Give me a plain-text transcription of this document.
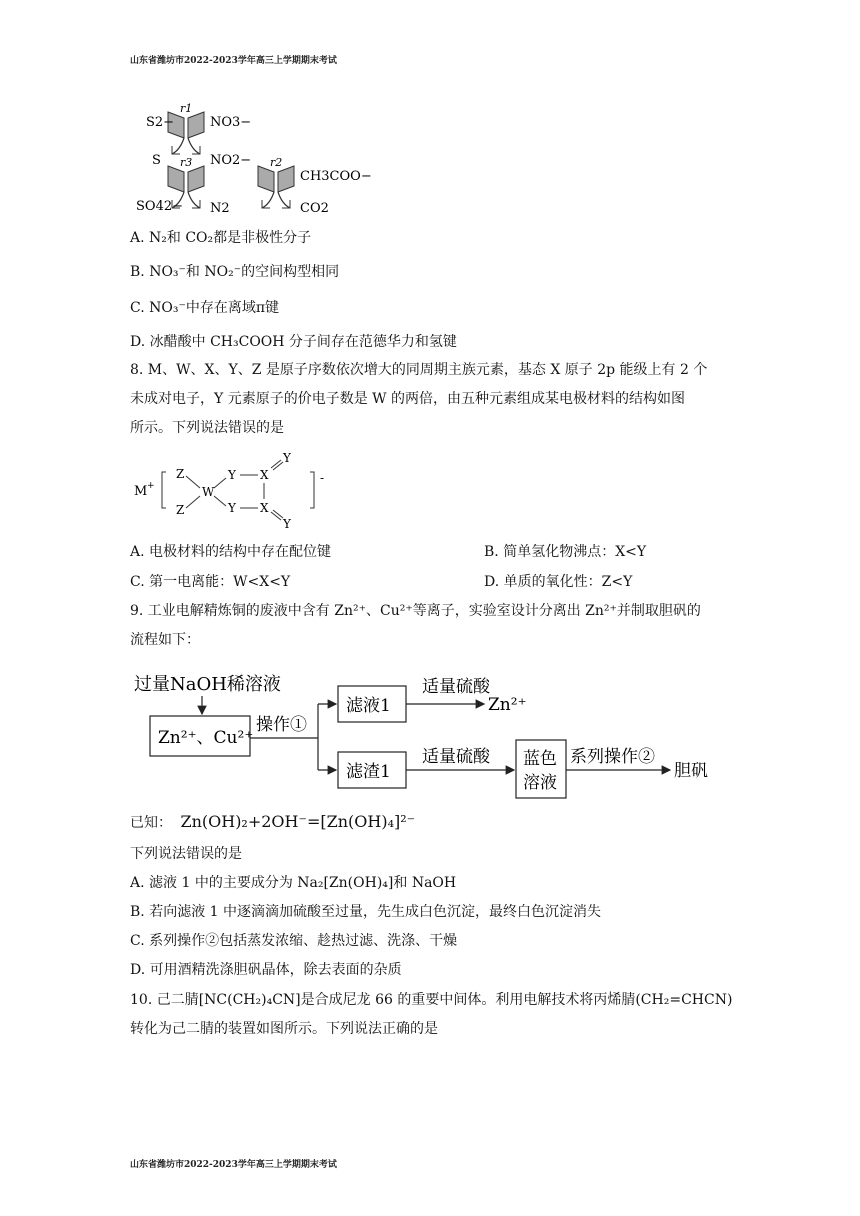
山东省潍坊市2022-2023学年高三上学期期末考试
r1
r3	r2
S2−	NO3−
S	NO2−
SO42− N2
CH3COO−
CO2
A. N₂和 CO₂都是非极性分子
B. NO₃⁻和 NO₂⁻的空间构型相同
C. NO₃⁻中存在离域π键
D. 冰醋酸中 CH₃COOH 分子间存在范德华力和氢键
8. M、W、X、Y、Z 是原子序数依次增大的同周期主族元素，基态 X 原子 2p 能级上有 2 个
未成对电子，Y 元素原子的价电子数是 W 的两倍，由五种元素组成某电极材料的结构如图
所示。下列说法错误的是
M +
-
Z
Z
W
Y
Y
X
X
Y
Y
A. 电极材料的结构中存在配位键	B. 简单氢化物沸点：X<Y
C. 第一电离能：W<X<Y	D. 单质的氧化性：Z<Y
9. 工业电解精炼铜的废液中含有 Zn²⁺、Cu²⁺等离子，实验室设计分离出 Zn²⁺并制取胆矾的
流程如下：
过量NaOH稀溶液
Zn²⁺、Cu²⁺
操作①
滤液1
适量硫酸
Zn²⁺
滤渣1
适量硫酸 蓝色
溶液
系列操作②
胆矾
已知： Zn(OH)₂+2OH⁻=[Zn(OH)₄]²⁻
下列说法错误的是
A. 滤液 1 中的主要成分为 Na₂[Zn(OH)₄]和 NaOH
B. 若向滤液 1 中逐滴滴加硫酸至过量，先生成白色沉淀，最终白色沉淀消失
C. 系列操作②包括蒸发浓缩、趁热过滤、洗涤、干燥
D. 可用酒精洗涤胆矾晶体，除去表面的杂质
10. 己二腈[NC(CH₂)₄CN]是合成尼龙 66 的重要中间体。利用电解技术将丙烯腈(CH₂=CHCN)
转化为己二腈的装置如图所示。下列说法正确的是
山东省潍坊市2022-2023学年高三上学期期末考试
